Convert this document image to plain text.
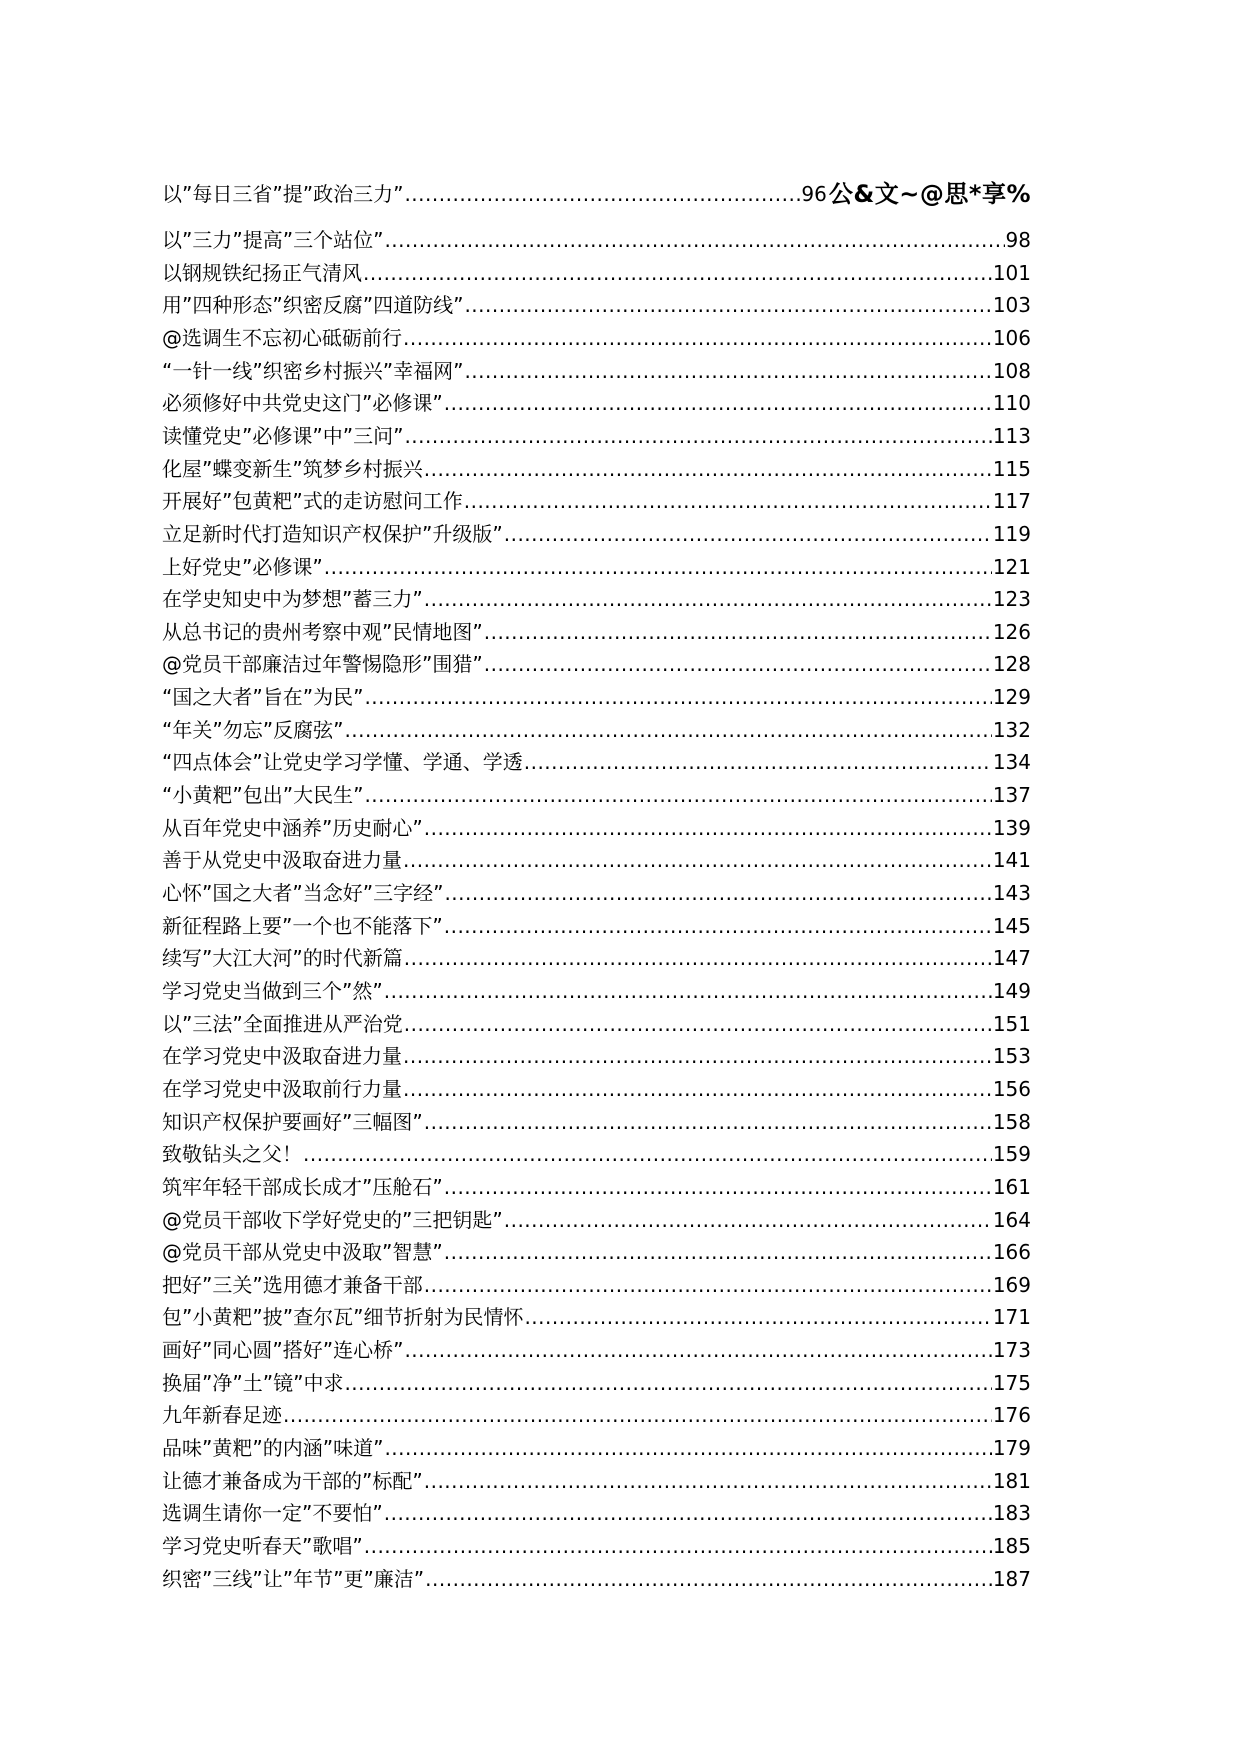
以”每日三省”提”政治三力” .....	96 公&文~@思*享%
以”三力”提高”三个站位” .....	98
以钢规铁纪扬正气清风 .....	101
用”四种形态”织密反腐”四道防线” .....	103
@选调生不忘初心砥砺前行 .....	106
“一针一线”织密乡村振兴”幸福网” .....	108
必须修好中共党史这门”必修课” .....	110
读懂党史”必修课”中”三问” .....	113
化屋”蝶变新生”筑梦乡村振兴 .....	115
开展好”包黄粑”式的走访慰问工作 .....	117
立足新时代打造知识产权保护”升级版” .....	119
上好党史”必修课” .....	121
在学史知史中为梦想”蓄三力” .....	123
从总书记的贵州考察中观”民情地图” .....	126
@党员干部廉洁过年警惕隐形”围猎” .....	128
“国之大者”旨在”为民” .....	129
“年关”勿忘”反腐弦” .....	132
“四点体会”让党史学习学懂、学通、学透 .....	134
“小黄粑”包出”大民生” .....	137
从百年党史中涵养”历史耐心” .....	139
善于从党史中汲取奋进力量 .....	141
心怀”国之大者”当念好”三字经” .....	143
新征程路上要”一个也不能落下” .....	145
续写”大江大河”的时代新篇 .....	147
学习党史当做到三个”然” .....	149
以”三法”全面推进从严治党 .....	151
在学习党史中汲取奋进力量 .....	153
在学习党史中汲取前行力量 .....	156
知识产权保护要画好”三幅图” .....	158
致敬钻头之父！ .....	159
筑牢年轻干部成长成才”压舱石” .....	161
@党员干部收下学好党史的”三把钥匙” .....	164
@党员干部从党史中汲取”智慧” .....	166
把好”三关”选用德才兼备干部 .....	169
包”小黄粑”披”查尔瓦”细节折射为民情怀 .....	171
画好”同心圆”搭好”连心桥” .....	173
换届”净”土”镜”中求 .....	175
九年新春足迹 .....	176
品味”黄粑”的内涵”味道” .....	179
让德才兼备成为干部的”标配” .....	181
选调生请你一定”不要怕” .....	183
学习党史听春天”歌唱” .....	185
织密”三线”让”年节”更”廉洁” .....	187
